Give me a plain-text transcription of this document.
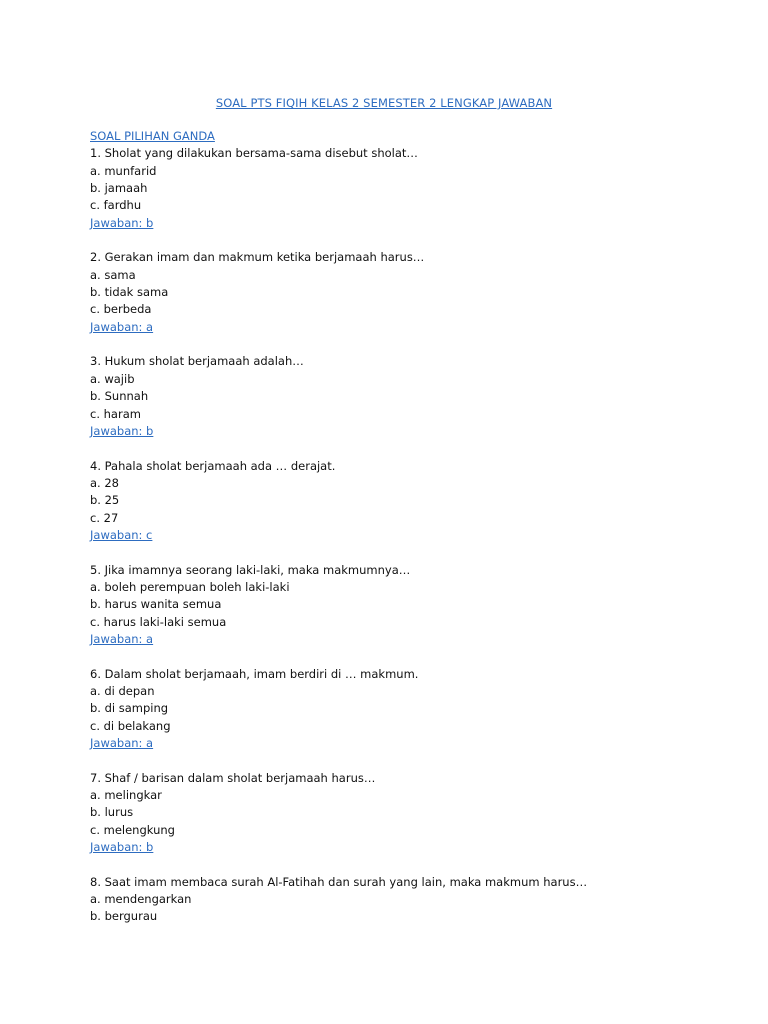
SOAL PTS FIQIH KELAS 2 SEMESTER 2 LENGKAP JAWABAN

SOAL PILIHAN GANDA

1. Sholat yang dilakukan bersama-sama disebut sholat…

a. munfarid

b. jamaah

c. fardhu

Jawaban: b

2. Gerakan imam dan makmum ketika berjamaah harus…

a. sama

b. tidak sama

c. berbeda

Jawaban: a

3. Hukum sholat berjamaah adalah…

a. wajib

b. Sunnah

c. haram

Jawaban: b

4. Pahala sholat berjamaah ada … derajat.

a. 28

b. 25

c. 27

Jawaban: c

5. Jika imamnya seorang laki-laki, maka makmumnya…

a. boleh perempuan boleh laki-laki

b. harus wanita semua

c. harus laki-laki semua

Jawaban: a

6. Dalam sholat berjamaah, imam berdiri di … makmum.

a. di depan

b. di samping

c. di belakang

Jawaban: a

7. Shaf / barisan dalam sholat berjamaah harus…

a. melingkar

b. lurus

c. melengkung

Jawaban: b

8. Saat imam membaca surah Al-Fatihah dan surah yang lain, maka makmum harus…

a. mendengarkan

b. bergurau
